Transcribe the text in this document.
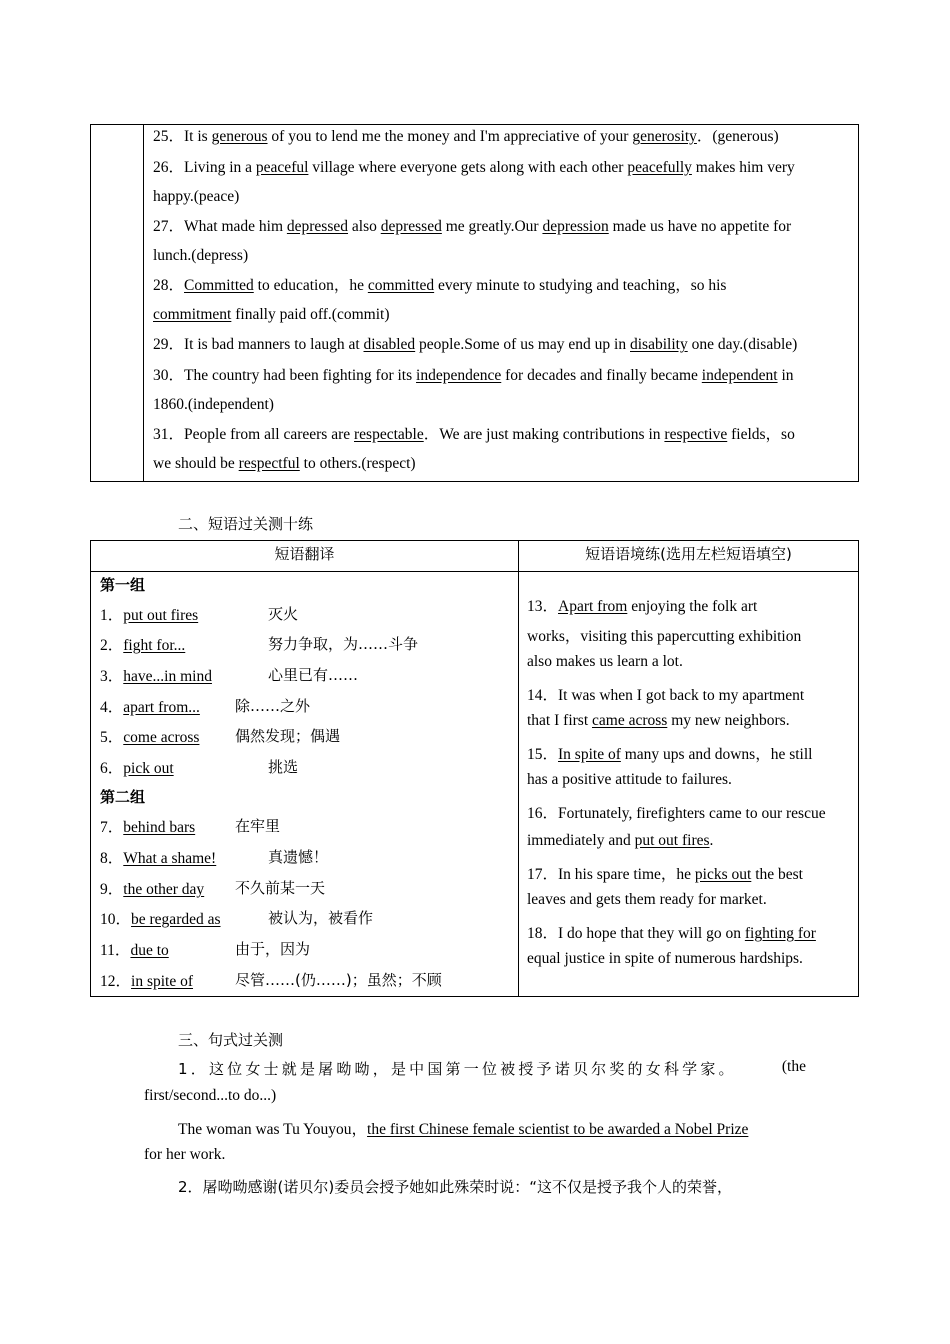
25．It is generous of you to lend me the money and I'm appreciative of your generosity．(generous)
26．Living in a peaceful village where everyone gets along with each other peacefully makes him very
happy.(peace)
27．What made him depressed also depressed me greatly.Our depression made us have no appetite for
lunch.(depress)
28．Committed to education，he committed every minute to studying and teaching，so his
commitment finally paid off.(commit)
29．It is bad manners to laugh at disabled people.Some of us may end up in disability one day.(disable)
30．The country had been fighting for its independence for decades and finally became independent in
1860.(independent)
31．People from all careers are respectable．We are just making contributions in respective fields，so
we should be respectful to others.(respect)
二、短语过关测十练
短语翻译	短语语境练(选用左栏短语填空)
第一组
1．put out fires	灭火
2．fight for...	努力争取，为……斗争
3．have...in mind	心里已有……
4．apart from... 除……之外
5．come across 偶然发现；偶遇
6．pick out	挑选
第二组
7．behind bars	在牢里
8．What a shame!	真遗憾！
9．the other day 不久前某一天
10．be regarded as	被认为，被看作
11．due to	由于，因为
12．in spite of	尽管……(仍……)；虽然；不顾
13．Apart from enjoying the folk art
works，visiting this papercutting exhibition
also makes us learn a lot.
14．It was when I got back to my apartment
that I first came across my new neighbors.
15．In spite of many ups and downs，he still
has a positive attitude to failures.
16．Fortunately, firefighters came to our rescue
immediately and put out fires.
17．In his spare time，he picks out the best
leaves and gets them ready for market.
18．I do hope that they will go on fighting for
equal justice in spite of numerous hardships.
三、句式过关测
1．这位女士就是屠呦呦，是中国第一位被授予诺贝尔奖的女科学家。	(the
first/second...to do...)
The woman was Tu Youyou，the first Chinese female scientist to be awarded a Nobel Prize
for her work.
2．屠呦呦感谢(诺贝尔)委员会授予她如此殊荣时说：“这不仅是授予我个人的荣誉，
